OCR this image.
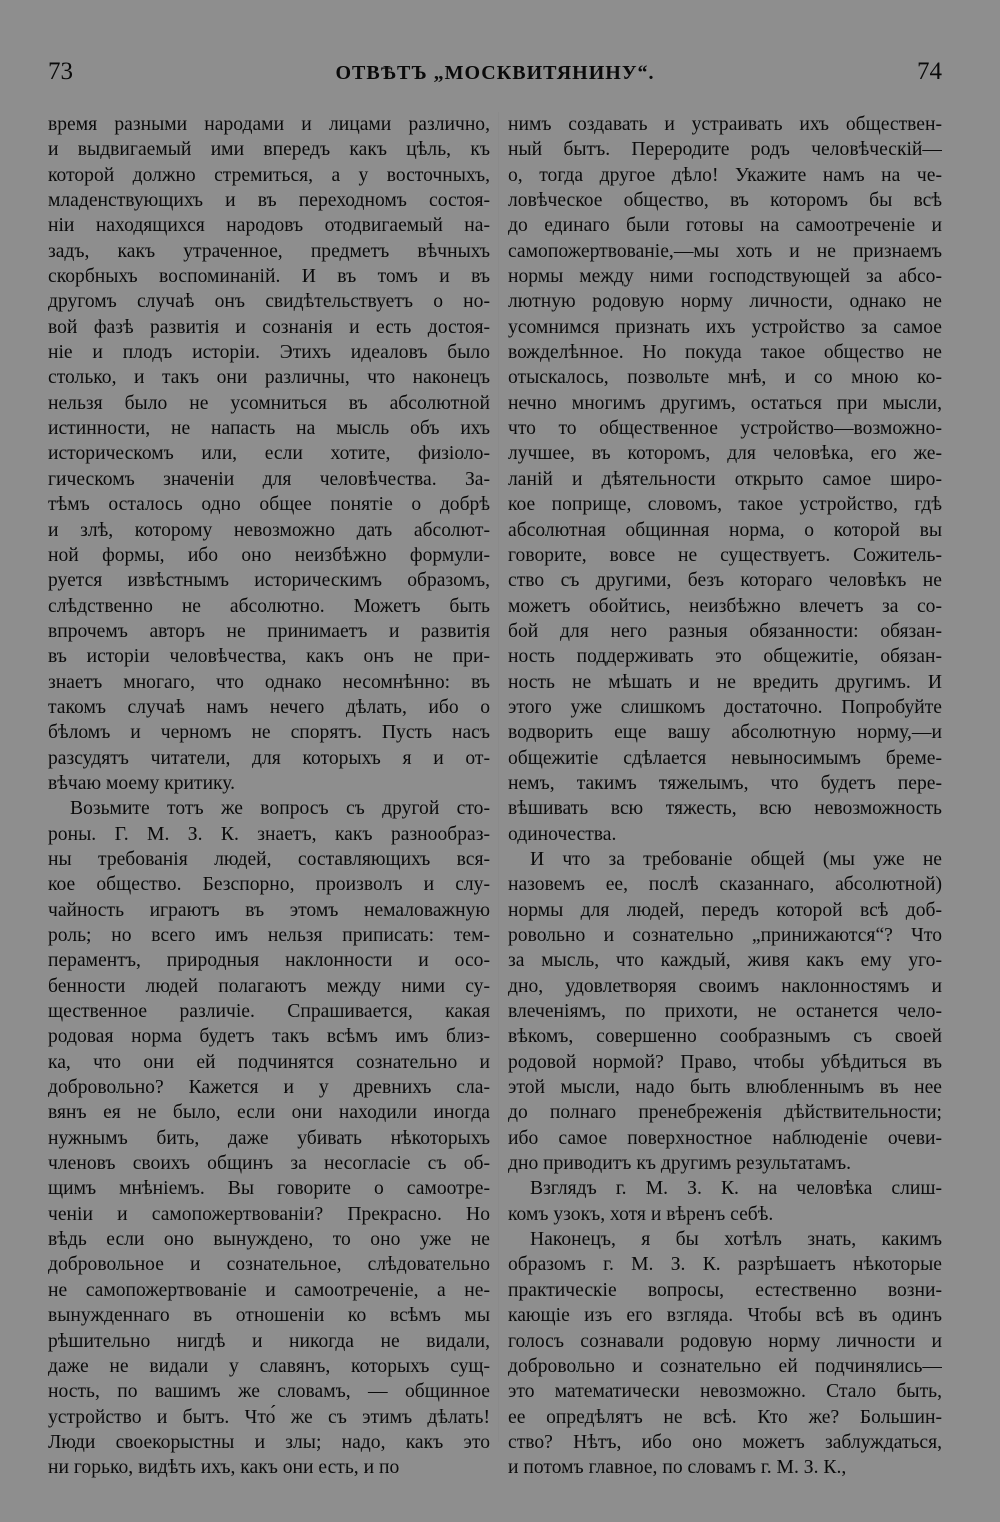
73	ОТВѢТЪ „МОСКВИТЯНИНУ“.	74
время разными народами и лицами различно,
и выдвигаемый ими впередъ какъ цѣль, къ
которой должно стремиться, а у восточныхъ,
младенствующихъ и въ переходномъ состоя-
ніи находящихся народовъ отодвигаемый на-
задъ, какъ утраченное, предметъ вѣчныхъ
скорбныхъ воспоминаній. И въ томъ и въ
другомъ случаѣ онъ свидѣтельствуетъ о но-
вой фазѣ развитія и сознанія и есть достоя-
ніе и плодъ исторіи. Этихъ идеаловъ было
столько, и такъ они различны, что наконецъ
нельзя было не усомниться въ абсолютной
истинности, не напасть на мысль объ ихъ
историческомъ или, если хотите, физіоло-
гическомъ значеніи для человѣчества. За-
тѣмъ осталось одно общее понятіе о добрѣ
и злѣ, которому невозможно дать абсолют-
ной формы, ибо оно неизбѣжно формули-
руется извѣстнымъ историческимъ образомъ,
слѣдственно не абсолютно. Можетъ быть
впрочемъ авторъ не принимаетъ и развитія
въ исторіи человѣчества, какъ онъ не при-
знаетъ многаго, что однако несомнѣнно: въ
такомъ случаѣ намъ нечего дѣлать, ибо о
бѣломъ и черномъ не спорятъ. Пусть насъ
разсудятъ читатели, для которыхъ я и от-
вѣчаю моему критику.
Возьмите тотъ же вопросъ съ другой сто-
роны. Г. М. З. К. знаетъ, какъ разнообраз-
ны требованія людей, составляющихъ вся-
кое общество. Безспорно, произволъ и слу-
чайность играютъ въ этомъ немаловажную
роль; но всего имъ нельзя приписать: тем-
пераментъ, природныя наклонности и осо-
бенности людей полагаютъ между ними су-
щественное различіе. Спрашивается, какая
родовая норма будетъ такъ всѣмъ имъ близ-
ка, что они ей подчинятся сознательно и
добровольно? Кажется и у древнихъ сла-
вянъ ея не было, если они находили иногда
нужнымъ бить, даже убивать нѣкоторыхъ
членовъ своихъ общинъ за несогласіе съ об-
щимъ мнѣніемъ. Вы говорите о самоотре-
ченіи и самопожертвованіи? Прекрасно. Но
вѣдь если оно вынуждено, то оно уже не
добровольное и сознательное, слѣдовательно
не самопожертвованіе и самоотреченіе, а не-
вынужденнаго въ отношеніи ко всѣмъ мы
рѣшительно нигдѣ и никогда не видали,
даже не видали у славянъ, которыхъ сущ-
ность, по вашимъ же словамъ, — общинное
устройство и бытъ. Что́ же съ этимъ дѣлать!
Люди своекорыстны и злы; надо, какъ это
ни горько, видѣть ихъ, какъ они есть, и по
нимъ создавать и устраивать ихъ обществен-
ный бытъ. Переродите родъ человѣческій—
о, тогда другое дѣло! Укажите намъ на че-
ловѣческое общество, въ которомъ бы всѣ
до единаго были готовы на самоотреченіе и
самопожертвованіе,—мы хоть и не признаемъ
нормы между ними господствующей за абсо-
лютную родовую норму личности, однако не
усомнимся признать ихъ устройство за самое
вожделѣнное. Но покуда такое общество не
отыскалось, позвольте мнѣ, и со мною ко-
нечно многимъ другимъ, остаться при мысли,
что то общественное устройство—возможно-
лучшее, въ которомъ, для человѣка, его же-
ланій и дѣятельности открыто самое широ-
кое поприще, словомъ, такое устройство, гдѣ
абсолютная общинная норма, о которой вы
говорите, вовсе не существуетъ. Сожитель-
ство съ другими, безъ котораго человѣкъ не
можетъ обойтись, неизбѣжно влечетъ за со-
бой для него разныя обязанности: обязан-
ность поддерживать это общежитіе, обязан-
ность не мѣшать и не вредить другимъ. И
этого уже слишкомъ достаточно. Попробуйте
водворить еще вашу абсолютную норму,—и
общежитіе сдѣлается невыносимымъ бреме-
немъ, такимъ тяжелымъ, что будетъ пере-
вѣшивать всю тяжесть, всю невозможность
одиночества.
И что за требованіе общей (мы уже не
назовемъ ее, послѣ сказаннаго, абсолютной)
нормы для людей, передъ которой всѣ доб-
ровольно и сознательно „принижаются“? Что
за мысль, что каждый, живя какъ ему уго-
дно, удовлетворяя своимъ наклонностямъ и
влеченіямъ, по прихоти, не останется чело-
вѣкомъ, совершенно сообразнымъ съ своей
родовой нормой? Право, чтобы убѣдиться въ
этой мысли, надо быть влюбленнымъ въ нее
до полнаго пренебреженія дѣйствительности;
ибо самое поверхностное наблюденіе очеви-
дно приводитъ къ другимъ результатамъ.
Взглядъ г. М. З. К. на человѣка слиш-
комъ узокъ, хотя и вѣренъ себѣ.
Наконецъ, я бы хотѣлъ знать, какимъ
образомъ г. М. З. К. разрѣшаетъ нѣкоторые
практическіе вопросы, естественно возни-
кающіе изъ его взгляда. Чтобы всѣ въ одинъ
голосъ сознавали родовую норму личности и
добровольно и сознательно ей подчинялись—
это математически невозможно. Стало быть,
ее опредѣлятъ не всѣ. Кто же? Большин-
ство? Нѣтъ, ибо оно можетъ заблуждаться,
и потомъ главное, по словамъ г. М. З. К.,
